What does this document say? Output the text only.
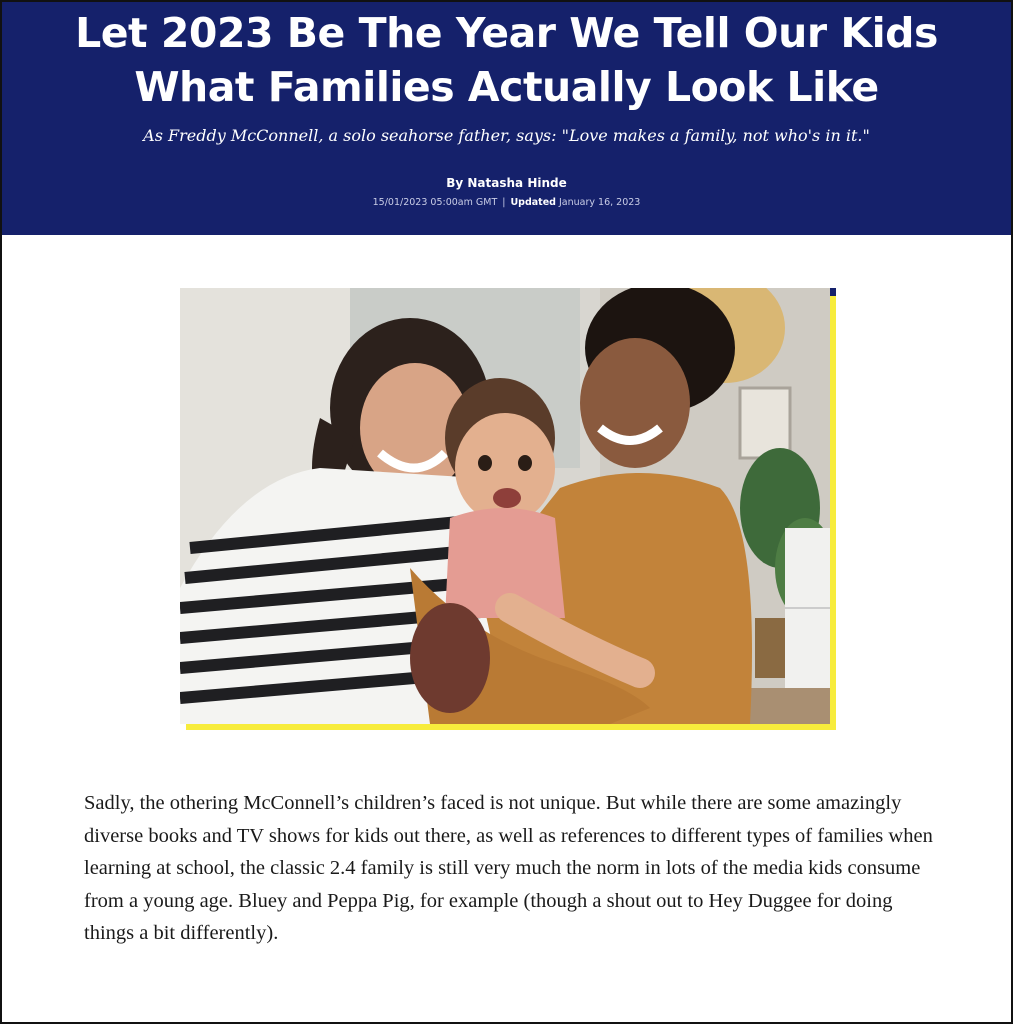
Let 2023 Be The Year We Tell Our Kids
What Families Actually Look Like
As Freddy McConnell, a solo seahorse father, says: "Love makes a family, not who's in it."
By Natasha Hinde
15/01/2023 05:00am GMT | Updated January 16, 2023

Sadly, the othering McConnell’s children’s faced is not unique. But while there are some amazingly diverse books and TV shows for kids out there, as well as references to different types of families when learning at school, the classic 2.4 family is still very much the norm in lots of the media kids consume from a young age. Bluey and Peppa Pig, for example (though a shout out to Hey Duggee for doing things a bit differently).
